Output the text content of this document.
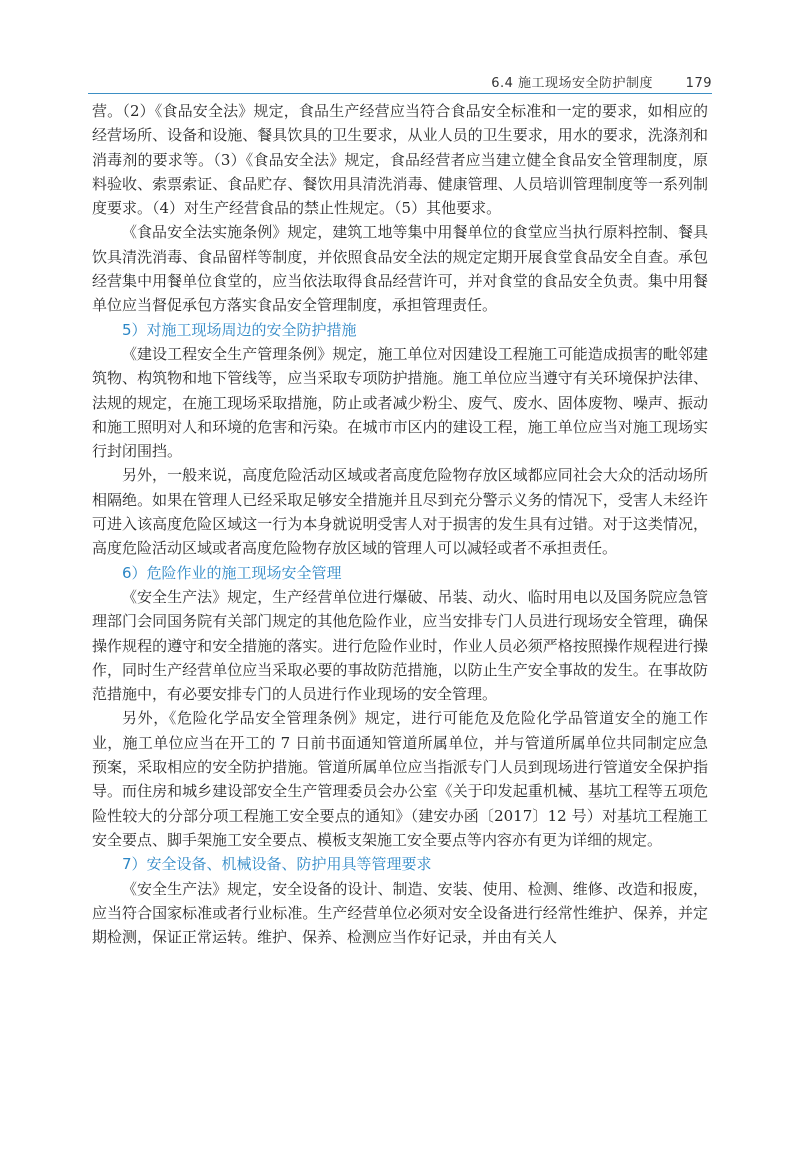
6.4 施工现场安全防护制度	179

营。（2）《食品安全法》规定，食品生产经营应当符合食品安全标准和一定的要求，如相应的经营场所、设备和设施、餐具饮具的卫生要求，从业人员的卫生要求，用水的要求，洗涤剂和消毒剂的要求等。（3）《食品安全法》规定，食品经营者应当建立健全食品安全管理制度，原料验收、索票索证、食品贮存、餐饮用具清洗消毒、健康管理、人员培训管理制度等一系列制度要求。（4）对生产经营食品的禁止性规定。（5）其他要求。

《食品安全法实施条例》规定，建筑工地等集中用餐单位的食堂应当执行原料控制、餐具饮具清洗消毒、食品留样等制度，并依照食品安全法的规定定期开展食堂食品安全自查。承包经营集中用餐单位食堂的，应当依法取得食品经营许可，并对食堂的食品安全负责。集中用餐单位应当督促承包方落实食品安全管理制度，承担管理责任。

5）对施工现场周边的安全防护措施

《建设工程安全生产管理条例》规定，施工单位对因建设工程施工可能造成损害的毗邻建筑物、构筑物和地下管线等，应当采取专项防护措施。施工单位应当遵守有关环境保护法律、法规的规定，在施工现场采取措施，防止或者减少粉尘、废气、废水、固体废物、噪声、振动和施工照明对人和环境的危害和污染。在城市市区内的建设工程，施工单位应当对施工现场实行封闭围挡。

另外，一般来说，高度危险活动区域或者高度危险物存放区域都应同社会大众的活动场所相隔绝。如果在管理人已经采取足够安全措施并且尽到充分警示义务的情况下，受害人未经许可进入该高度危险区域这一行为本身就说明受害人对于损害的发生具有过错。对于这类情况，高度危险活动区域或者高度危险物存放区域的管理人可以减轻或者不承担责任。

6）危险作业的施工现场安全管理

《安全生产法》规定，生产经营单位进行爆破、吊装、动火、临时用电以及国务院应急管理部门会同国务院有关部门规定的其他危险作业，应当安排专门人员进行现场安全管理，确保操作规程的遵守和安全措施的落实。进行危险作业时，作业人员必须严格按照操作规程进行操作，同时生产经营单位应当采取必要的事故防范措施，以防止生产安全事故的发生。在事故防范措施中，有必要安排专门的人员进行作业现场的安全管理。

另外，《危险化学品安全管理条例》规定，进行可能危及危险化学品管道安全的施工作业，施工单位应当在开工的 7 日前书面通知管道所属单位，并与管道所属单位共同制定应急预案，采取相应的安全防护措施。管道所属单位应当指派专门人员到现场进行管道安全保护指导。而住房和城乡建设部安全生产管理委员会办公室《关于印发起重机械、基坑工程等五项危险性较大的分部分项工程施工安全要点的通知》（建安办函〔2017〕12 号）对基坑工程施工安全要点、脚手架施工安全要点、模板支架施工安全要点等内容亦有更为详细的规定。

7）安全设备、机械设备、防护用具等管理要求

《安全生产法》规定，安全设备的设计、制造、安装、使用、检测、维修、改造和报废，应当符合国家标准或者行业标准。生产经营单位必须对安全设备进行经常性维护、保养，并定期检测，保证正常运转。维护、保养、检测应当作好记录，并由有关人
